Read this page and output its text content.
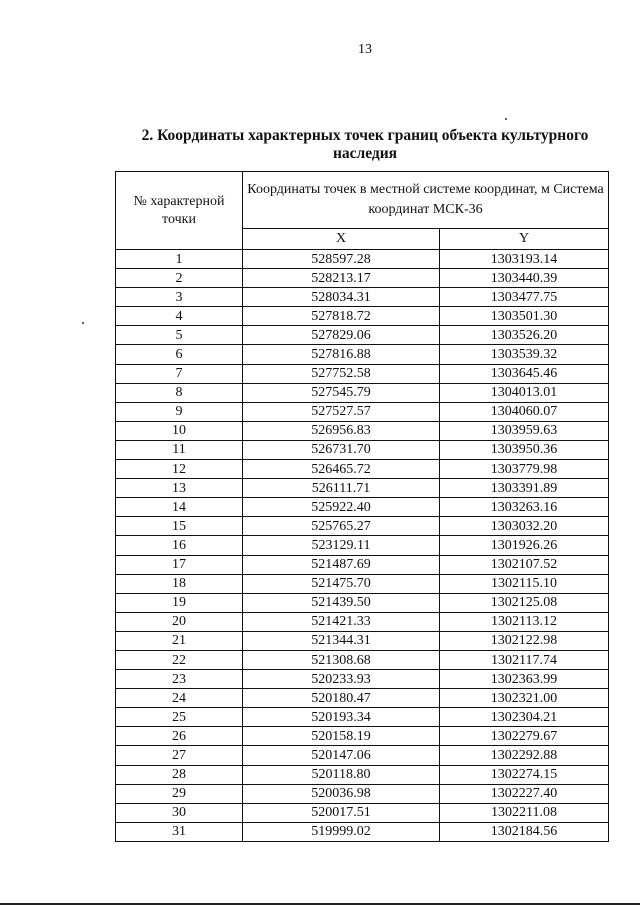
13
2. Координаты характерных точек границ объекта культурного наследия
№ характерной точки	Координаты точек в местной системе координат, м Система координат МСК-36	
	X	Y
1	528597.28	1303193.14
2	528213.17	1303440.39
3	528034.31	1303477.75
4	527818.72	1303501.30
5	527829.06	1303526.20
6	527816.88	1303539.32
7	527752.58	1303645.46
8	527545.79	1304013.01
9	527527.57	1304060.07
10	526956.83	1303959.63
11	526731.70	1303950.36
12	526465.72	1303779.98
13	526111.71	1303391.89
14	525922.40	1303263.16
15	525765.27	1303032.20
16	523129.11	1301926.26
17	521487.69	1302107.52
18	521475.70	1302115.10
19	521439.50	1302125.08
20	521421.33	1302113.12
21	521344.31	1302122.98
22	521308.68	1302117.74
23	520233.93	1302363.99
24	520180.47	1302321.00
25	520193.34	1302304.21
26	520158.19	1302279.67
27	520147.06	1302292.88
28	520118.80	1302274.15
29	520036.98	1302227.40
30	520017.51	1302211.08
31	519999.02	1302184.56
